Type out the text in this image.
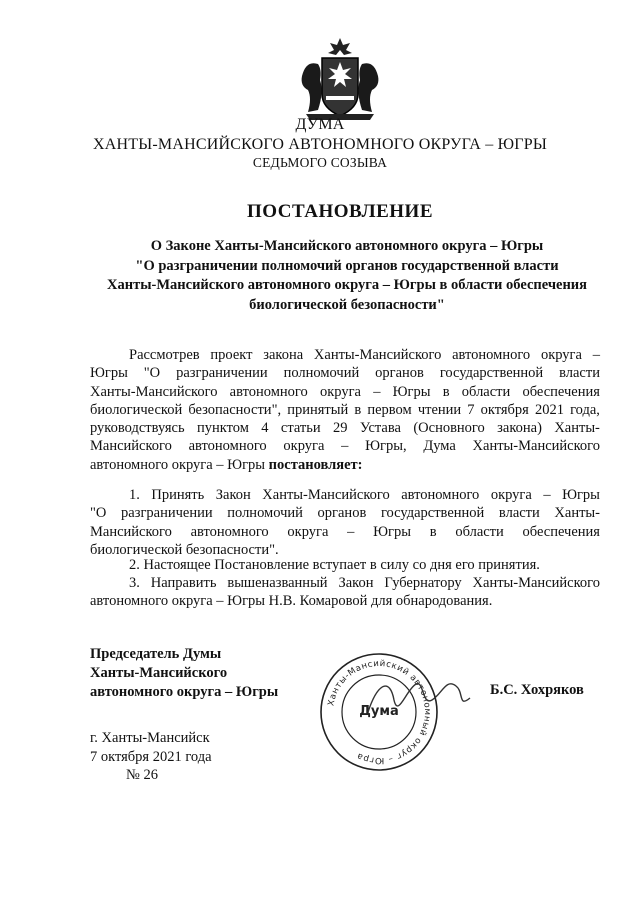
ДУМА
ХАНТЫ-МАНСИЙСКОГО АВТОНОМНОГО ОКРУГА – ЮГРЫ
СЕДЬМОГО СОЗЫВА
ПОСТАНОВЛЕНИЕ
О Законе Ханты-Мансийского автономного округа – Югры
"О разграничении полномочий органов государственной власти
Ханты-Мансийского автономного округа – Югры в области обеспечения
биологической безопасности"
Рассмотрев проект закона Ханты-Мансийского автономного округа –
Югры "О разграничении полномочий органов государственной власти
Ханты-Мансийского автономного округа – Югры в области обеспечения
биологической безопасности", принятый в первом чтении 7 октября 2021 года,
руководствуясь пунктом 4 статьи 29 Устава (Основного закона) Ханты-
Мансийского автономного округа – Югры, Дума Ханты-Мансийского
автономного округа – Югры
постановляет:
1. Принять Закон Ханты-Мансийского автономного округа – Югры
"О разграничении полномочий органов государственной власти Ханты-
Мансийского автономного округа – Югры в области обеспечения
биологической безопасности".
2. Настоящее Постановление вступает в силу со дня его принятия.
3. Направить вышеназванный Закон Губернатору Ханты-Мансийского
автономного округа – Югры Н.В. Комаровой для обнародования.
Председатель Думы
Ханты-Мансийского
автономного округа – Югры
Ханты-Мансийский автономный округ – Югра
Дума
Б.С. Хохряков
г. Ханты-Мансийск
7 октября 2021 года
№ 26
